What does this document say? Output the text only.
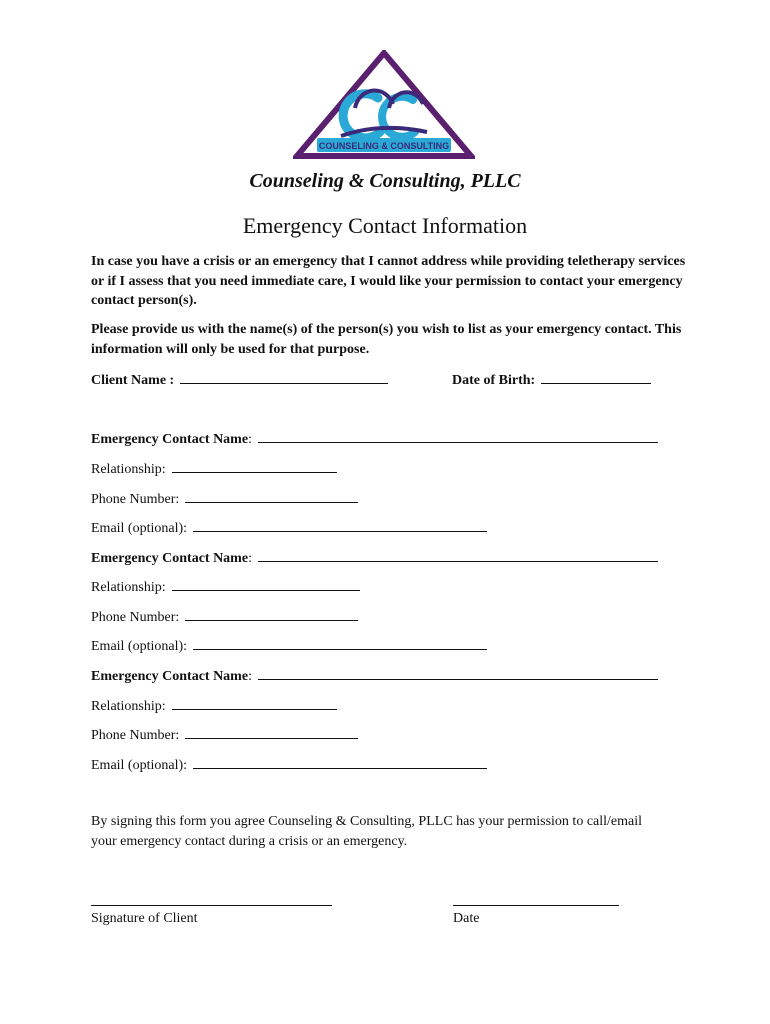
COUNSELING & CONSULTING
Counseling & Consulting, PLLC
Emergency Contact Information
In case you have a crisis or an emergency that I cannot address while providing teletherapy services or if I assess that you need immediate care, I would like your permission to contact your emergency contact person(s).
Please provide us with the name(s) of the person(s) you wish to list as your emergency contact. This information will only be used for that purpose.
Client Name :	Date of Birth:
Emergency Contact Name:
Relationship:
Phone Number:
Email (optional):
Emergency Contact Name:
Relationship:
Phone Number:
Email (optional):
Emergency Contact Name:
Relationship:
Phone Number:
Email (optional):
By signing this form you agree Counseling & Consulting, PLLC has your permission to call/email your emergency contact during a crisis or an emergency.
Signature of Client	Date
